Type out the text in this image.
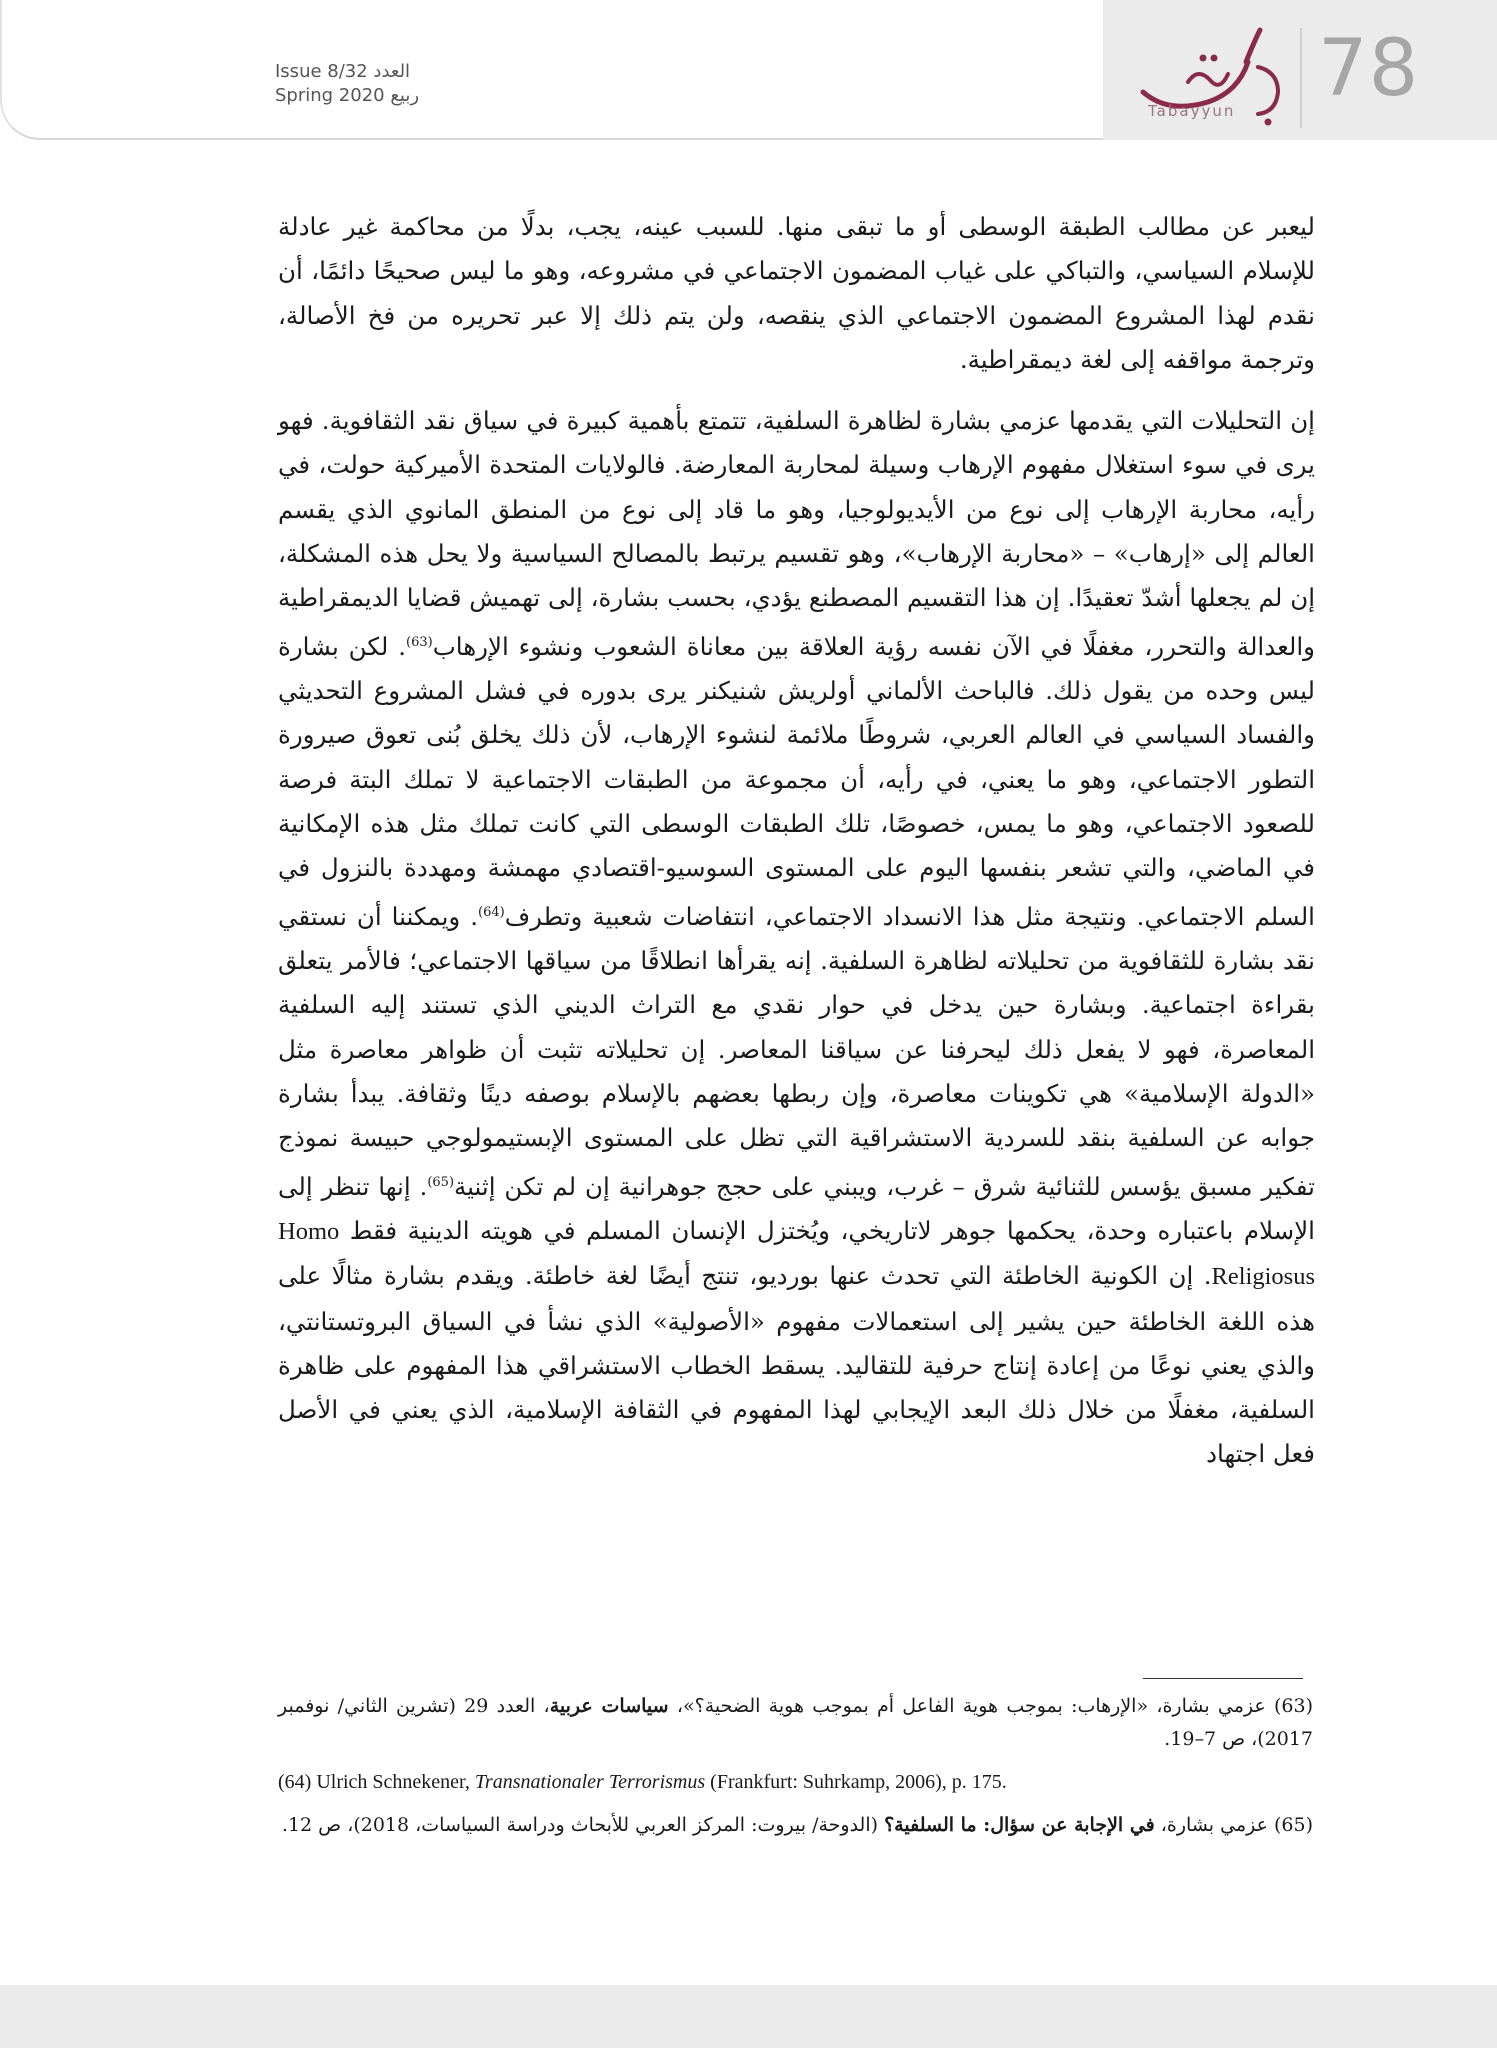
78
Tabayyun
Issue 8/32 العدد
Spring 2020 ربيع

ليعبر عن مطالب الطبقة الوسطى أو ما تبقى منها. للسبب عينه، يجب، بدلًا من محاكمة غير عادلة للإسلام السياسي، والتباكي على غياب المضمون الاجتماعي في مشروعه، وهو ما ليس صحيحًا دائمًا، أن نقدم لهذا المشروع المضمون الاجتماعي الذي ينقصه، ولن يتم ذلك إلا عبر تحريره من فخ الأصالة، وترجمة مواقفه إلى لغة ديمقراطية.

إن التحليلات التي يقدمها عزمي بشارة لظاهرة السلفية، تتمتع بأهمية كبيرة في سياق نقد الثقافوية. فهو يرى في سوء استغلال مفهوم الإرهاب وسيلة لمحاربة المعارضة. فالولايات المتحدة الأميركية حولت، في رأيه، محاربة الإرهاب إلى نوع من الأيديولوجيا، وهو ما قاد إلى نوع من المنطق المانوي الذي يقسم العالم إلى «إرهاب» – «محاربة الإرهاب»، وهو تقسيم يرتبط بالمصالح السياسية ولا يحل هذه المشكلة، إن لم يجعلها أشدّ تعقيدًا. إن هذا التقسيم المصطنع يؤدي، بحسب بشارة، إلى تهميش قضايا الديمقراطية والعدالة والتحرر، مغفلًا في الآن نفسه رؤية العلاقة بين معاناة الشعوب ونشوء الإرهاب$^{(63)}$. لكن بشارة ليس وحده من يقول ذلك. فالباحث الألماني أولريش شنيكنر يرى بدوره في فشل المشروع التحديثي والفساد السياسي في العالم العربي، شروطًا ملائمة لنشوء الإرهاب، لأن ذلك يخلق بُنى تعوق صيرورة التطور الاجتماعي، وهو ما يعني، في رأيه، أن مجموعة من الطبقات الاجتماعية لا تملك البتة فرصة للصعود الاجتماعي، وهو ما يمس، خصوصًا، تلك الطبقات الوسطى التي كانت تملك مثل هذه الإمكانية في الماضي، والتي تشعر بنفسها اليوم على المستوى السوسيو-اقتصادي مهمشة ومهددة بالنزول في السلم الاجتماعي. ونتيجة مثل هذا الانسداد الاجتماعي، انتفاضات شعبية وتطرف$^{(64)}$. ويمكننا أن نستقي نقد بشارة للثقافوية من تحليلاته لظاهرة السلفية. إنه يقرأها انطلاقًا من سياقها الاجتماعي؛ فالأمر يتعلق بقراءة اجتماعية. وبشارة حين يدخل في حوار نقدي مع التراث الديني الذي تستند إليه السلفية المعاصرة، فهو لا يفعل ذلك ليحرفنا عن سياقنا المعاصر. إن تحليلاته تثبت أن ظواهر معاصرة مثل «الدولة الإسلامية» هي تكوينات معاصرة، وإن ربطها بعضهم بالإسلام بوصفه دينًا وثقافة. يبدأ بشارة جوابه عن السلفية بنقد للسردية الاستشراقية التي تظل على المستوى الإبستيمولوجي حبيسة نموذج تفكير مسبق يؤسس للثنائية شرق – غرب، ويبني على حجج جوهرانية إن لم تكن إثنية$^{(65)}$. إنها تنظر إلى الإسلام باعتباره وحدة، يحكمها جوهر لاتاريخي، ويُختزل الإنسان المسلم في هويته الدينية فقط Homo Religiosus. إن الكونية الخاطئة التي تحدث عنها بورديو، تنتج أيضًا لغة خاطئة. ويقدم بشارة مثالًا على هذه اللغة الخاطئة حين يشير إلى استعمالات مفهوم «الأصولية» الذي نشأ في السياق البروتستانتي، والذي يعني نوعًا من إعادة إنتاج حرفية للتقاليد. يسقط الخطاب الاستشراقي هذا المفهوم على ظاهرة السلفية، مغفلًا من خلال ذلك البعد الإيجابي لهذا المفهوم في الثقافة الإسلامية، الذي يعني في الأصل فعل اجتهاد

(63) عزمي بشارة، «الإرهاب: بموجب هوية الفاعل أم بموجب هوية الضحية؟»، سياسات عربية، العدد 29 (تشرين الثاني/ نوفمبر 2017)، ص 7–19.
(64) Ulrich Schnekener, Transnationaler Terrorismus (Frankfurt: Suhrkamp, 2006), p. 175.
(65) عزمي بشارة، في الإجابة عن سؤال: ما السلفية؟ (الدوحة/ بيروت: المركز العربي للأبحاث ودراسة السياسات، 2018)، ص 12.
